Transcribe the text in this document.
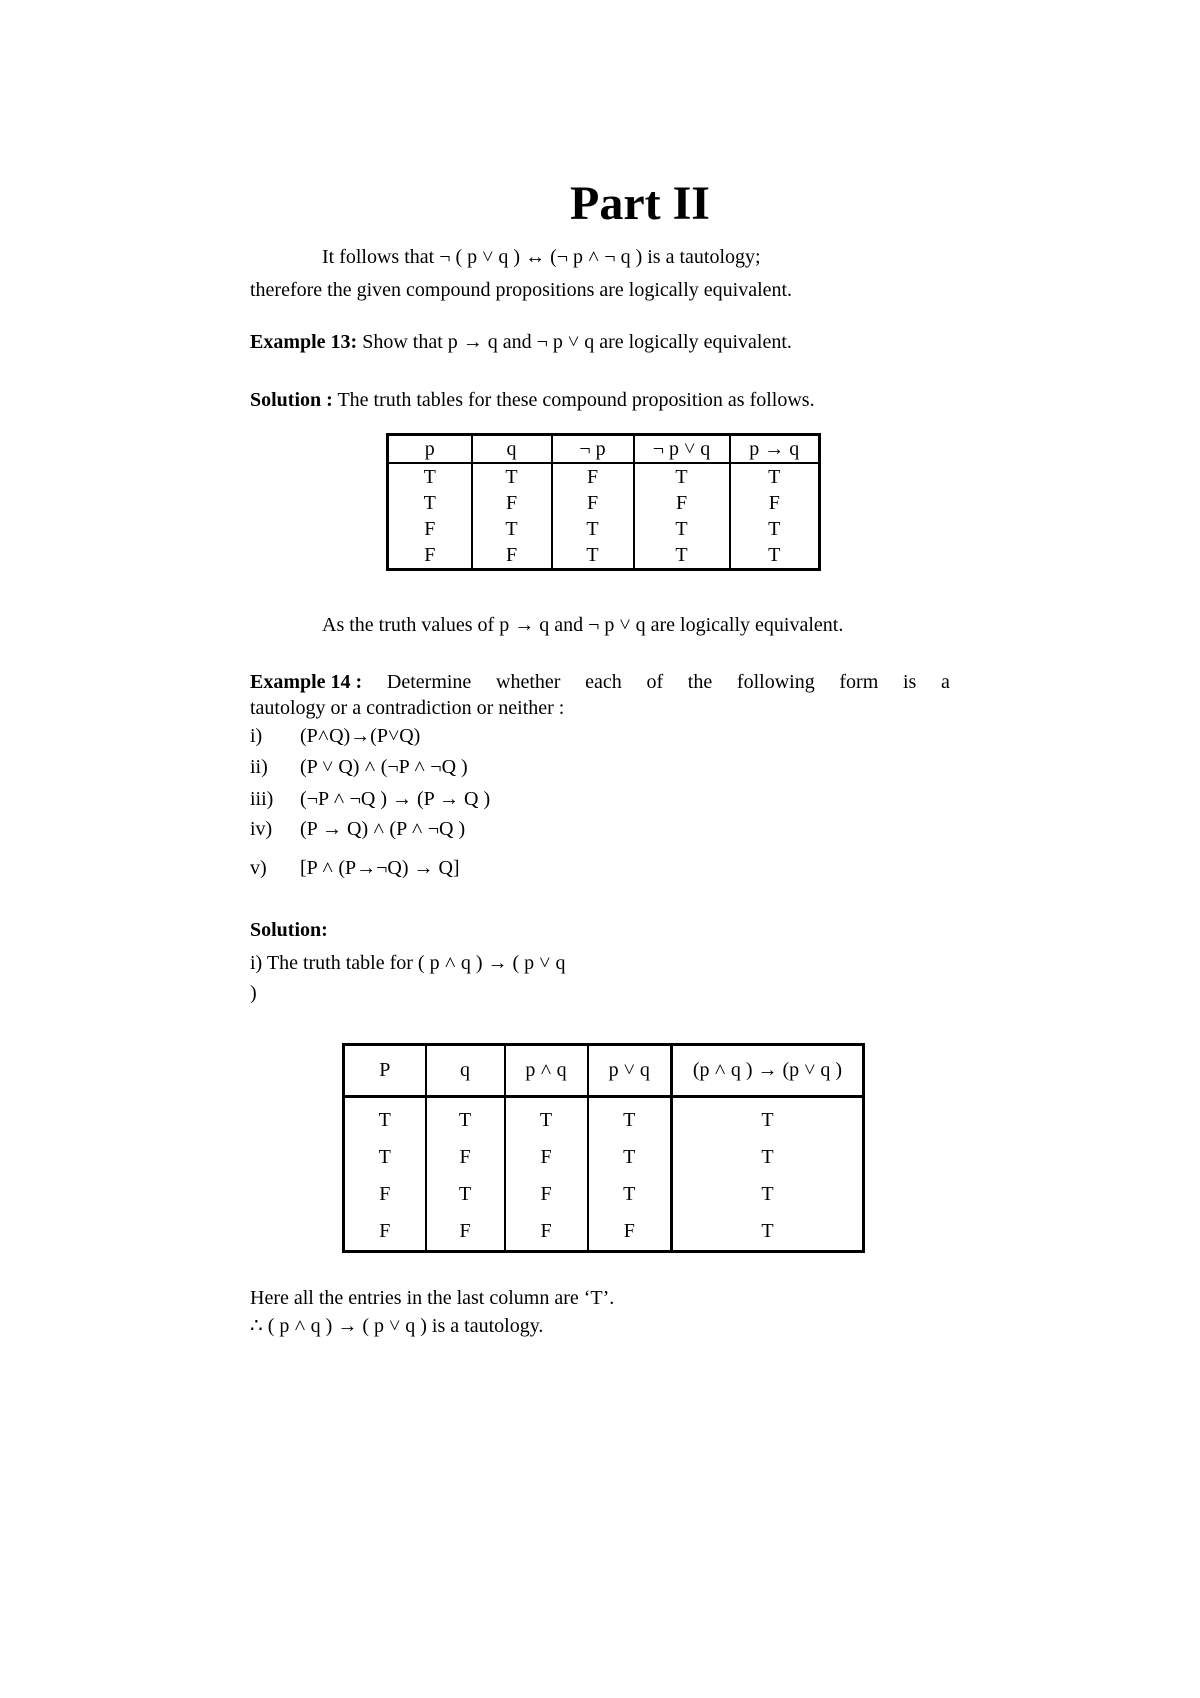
Part II
It follows that ¬ ( p ˅ q ) ↔ (¬ p ˄ ¬ q ) is a tautology;
therefore the given compound propositions are logically equivalent.
Example 13: Show that p → q and ¬ p ˅ q are logically equivalent.
Solution : The truth tables for these compound proposition as follows.
p	q	¬ p	¬ p ˅ q	p → q
T	T	F	T	T
T	F	F	F	F
F	T	T	T	T
F	F	T	T	T
As the truth values of p → q and ¬ p ˅ q are logically equivalent.
Example 14 : Determine whether each of the following form is a
tautology or a contradiction or neither :
i) (P˄Q)→(P˅Q)
ii) (P ˅ Q) ˄ (¬P ˄ ¬Q )
iii) (¬P ˄ ¬Q ) → (P → Q )
iv) (P → Q) ˄ (P ˄ ¬Q )
v) [P ˄ (P→¬Q) → Q]
Solution:
i) The truth table for ( p ˄ q ) → ( p ˅ q
)
P	q	p ˄ q	p ˅ q	(p ˄ q ) → (p ˅ q )
T	T	T	T	T
T	F	F	T	T
F	T	F	T	T
F	F	F	F	T
Here all the entries in the last column are ‘T’.
∴ ( p ˄ q ) → ( p ˅ q ) is a tautology.
